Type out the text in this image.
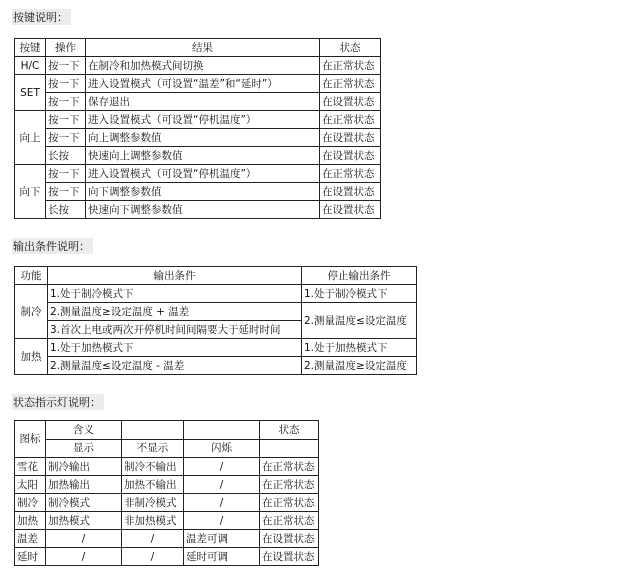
按键说明：
按键	操作	结果	状态
H/C	按一下	在制冷和加热模式间切换	在正常状态
SET	按一下	进入设置模式（可设置“温差”和“延时”）	在正常状态
	按一下	保存退出	在设置状态
向上	按一下	进入设置模式（可设置“停机温度”）	在正常状态
	按一下	向上调整参数值	在设置状态
	长按	快速向上调整参数值	在设置状态
向下	按一下	进入设置模式（可设置“停机温度”）	在正常状态
	按一下	向下调整参数值	在设置状态
	长按	快速向下调整参数值	在设置状态
输出条件说明：
功能	输出条件	停止输出条件
制冷	1.处于制冷模式下	1.处于制冷模式下
	2.测量温度≥设定温度 + 温差	2.测量温度≤设定温度
	3.首次上电或两次开停机时间间隔要大于延时时间	
加热	1.处于加热模式下	1.处于加热模式下
	2.测量温度≤设定温度 - 温差	2.测量温度≥设定温度
状态指示灯说明：
图标	含义			状态
	显示	不显示	闪烁	
雪花	制冷输出	制冷不输出	/	在正常状态
太阳	加热输出	加热不输出	/	在正常状态
制冷	制冷模式	非制冷模式	/	在正常状态
加热	加热模式	非加热模式	/	在正常状态
温差	/	/	温差可调	在设置状态
延时	/	/	延时可调	在设置状态
